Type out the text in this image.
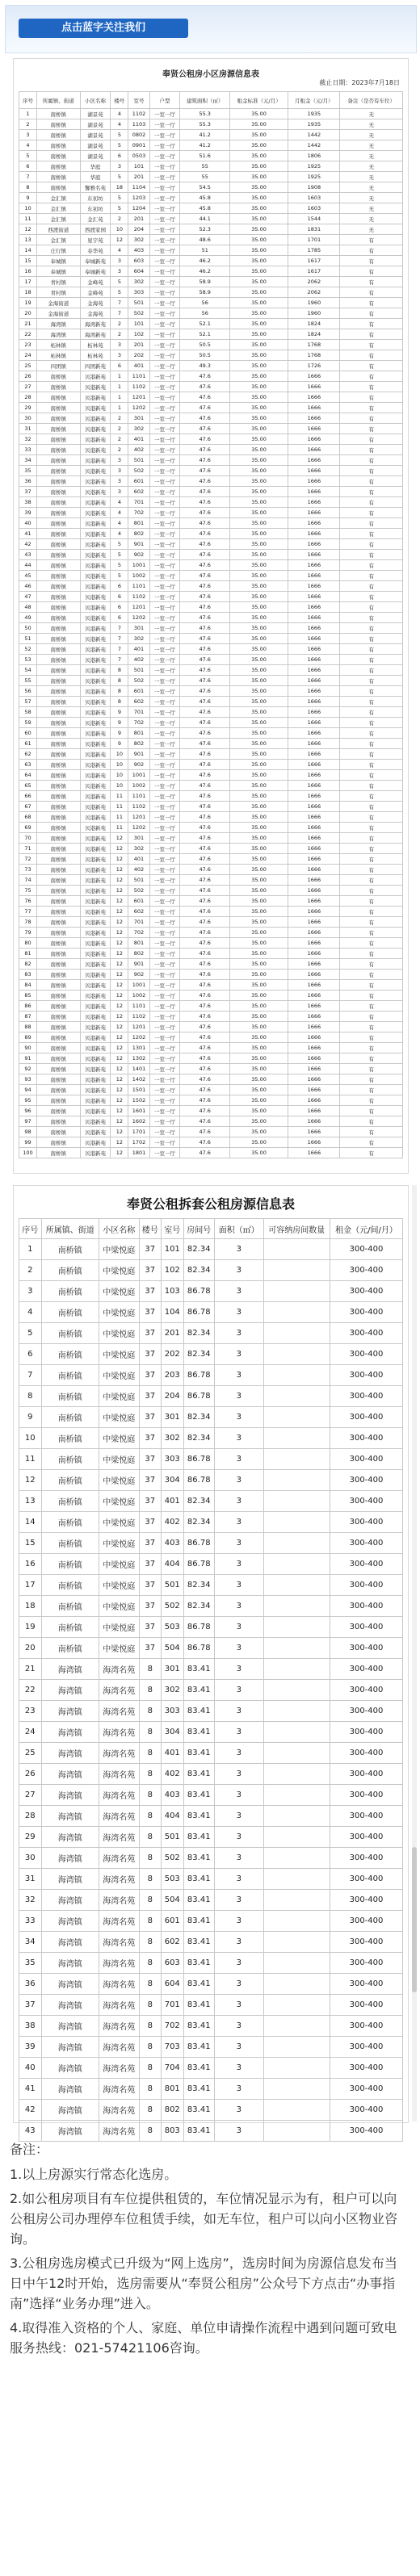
点击蓝字关注我们
奉贤公租房小区房源信息表
截止日期：2023年7月18日
序号	所属镇、街道	小区名称	楼号	室号	户型	建筑面积（㎡）	租金标准（元/月）	月租金（元/月）	备注（是否有车位）
1	南桥镇	湖景苑	4	1102	一室一厅	55.3	35.00	1935	无
2	南桥镇	湖景苑	4	1103	一室一厅	55.3	35.00	1935	无
3	南桥镇	湖景苑	5	0802	一室一厅	41.2	35.00	1442	无
4	南桥镇	湖景苑	5	0901	一室一厅	41.2	35.00	1442	无
5	南桥镇	湖景苑	6	0503	一室一厅	51.6	35.00	1806	无
6	南桥镇	华庭	3	101	一室一厅	55	35.00	1925	无
7	南桥镇	华庭	5	201	一室一厅	55	35.00	1925	无
8	南桥镇	馨雅名苑	18	1104	一室一厅	54.5	35.00	1908	无
9	金汇镇	东初坊	5	1203	一室一厅	45.8	35.00	1603	无
10	金汇镇	东初坊	5	1204	一室一厅	45.8	35.00	1603	无
11	金汇镇	金汇苑	2	201	一室一厅	44.1	35.00	1544	无
12	西渡街道	西渡家园	10	204	一室一厅	52.3	35.00	1831	无
13	金汇镇	星宇苑	12	302	一室一厅	48.6	35.00	1701	有
14	庄行镇	春华苑	4	403	一室一厅	51	35.00	1785	有
15	奉城镇	奉城新苑	3	603	一室一厅	46.2	35.00	1617	有
16	奉城镇	奉城新苑	3	604	一室一厅	46.2	35.00	1617	有
17	青村镇	金峰苑	5	302	一室一厅	58.9	35.00	2062	有
18	青村镇	金峰苑	5	303	一室一厅	58.9	35.00	2062	有
19	金海街道	金海苑	7	501	一室一厅	56	35.00	1960	有
20	金海街道	金海苑	7	502	一室一厅	56	35.00	1960	有
21	海湾镇	海湾新苑	2	101	一室一厅	52.1	35.00	1824	有
22	海湾镇	海湾新苑	2	102	一室一厅	52.1	35.00	1824	有
23	柘林镇	柘林苑	3	201	一室一厅	50.5	35.00	1768	有
24	柘林镇	柘林苑	3	202	一室一厅	50.5	35.00	1768	有
25	四团镇	四团新苑	6	401	一室一厅	49.3	35.00	1726	有
26	南桥镇	贝港新苑	1	1101	一室一厅	47.6	35.00	1666	有
27	南桥镇	贝港新苑	1	1102	一室一厅	47.6	35.00	1666	有
28	南桥镇	贝港新苑	1	1201	一室一厅	47.6	35.00	1666	有
29	南桥镇	贝港新苑	1	1202	一室一厅	47.6	35.00	1666	有
30	南桥镇	贝港新苑	2	301	一室一厅	47.6	35.00	1666	有
31	南桥镇	贝港新苑	2	302	一室一厅	47.6	35.00	1666	有
32	南桥镇	贝港新苑	2	401	一室一厅	47.6	35.00	1666	有
33	南桥镇	贝港新苑	2	402	一室一厅	47.6	35.00	1666	有
34	南桥镇	贝港新苑	3	501	一室一厅	47.6	35.00	1666	有
35	南桥镇	贝港新苑	3	502	一室一厅	47.6	35.00	1666	有
36	南桥镇	贝港新苑	3	601	一室一厅	47.6	35.00	1666	有
37	南桥镇	贝港新苑	3	602	一室一厅	47.6	35.00	1666	有
38	南桥镇	贝港新苑	4	701	一室一厅	47.6	35.00	1666	有
39	南桥镇	贝港新苑	4	702	一室一厅	47.6	35.00	1666	有
40	南桥镇	贝港新苑	4	801	一室一厅	47.6	35.00	1666	有
41	南桥镇	贝港新苑	4	802	一室一厅	47.6	35.00	1666	有
42	南桥镇	贝港新苑	5	901	一室一厅	47.6	35.00	1666	有
43	南桥镇	贝港新苑	5	902	一室一厅	47.6	35.00	1666	有
44	南桥镇	贝港新苑	5	1001	一室一厅	47.6	35.00	1666	有
45	南桥镇	贝港新苑	5	1002	一室一厅	47.6	35.00	1666	有
46	南桥镇	贝港新苑	6	1101	一室一厅	47.6	35.00	1666	有
47	南桥镇	贝港新苑	6	1102	一室一厅	47.6	35.00	1666	有
48	南桥镇	贝港新苑	6	1201	一室一厅	47.6	35.00	1666	有
49	南桥镇	贝港新苑	6	1202	一室一厅	47.6	35.00	1666	有
50	南桥镇	贝港新苑	7	301	一室一厅	47.6	35.00	1666	有
51	南桥镇	贝港新苑	7	302	一室一厅	47.6	35.00	1666	有
52	南桥镇	贝港新苑	7	401	一室一厅	47.6	35.00	1666	有
53	南桥镇	贝港新苑	7	402	一室一厅	47.6	35.00	1666	有
54	南桥镇	贝港新苑	8	501	一室一厅	47.6	35.00	1666	有
55	南桥镇	贝港新苑	8	502	一室一厅	47.6	35.00	1666	有
56	南桥镇	贝港新苑	8	601	一室一厅	47.6	35.00	1666	有
57	南桥镇	贝港新苑	8	602	一室一厅	47.6	35.00	1666	有
58	南桥镇	贝港新苑	9	701	一室一厅	47.6	35.00	1666	有
59	南桥镇	贝港新苑	9	702	一室一厅	47.6	35.00	1666	有
60	南桥镇	贝港新苑	9	801	一室一厅	47.6	35.00	1666	有
61	南桥镇	贝港新苑	9	802	一室一厅	47.6	35.00	1666	有
62	南桥镇	贝港新苑	10	901	一室一厅	47.6	35.00	1666	有
63	南桥镇	贝港新苑	10	902	一室一厅	47.6	35.00	1666	有
64	南桥镇	贝港新苑	10	1001	一室一厅	47.6	35.00	1666	有
65	南桥镇	贝港新苑	10	1002	一室一厅	47.6	35.00	1666	有
66	南桥镇	贝港新苑	11	1101	一室一厅	47.6	35.00	1666	有
67	南桥镇	贝港新苑	11	1102	一室一厅	47.6	35.00	1666	有
68	南桥镇	贝港新苑	11	1201	一室一厅	47.6	35.00	1666	有
69	南桥镇	贝港新苑	11	1202	一室一厅	47.6	35.00	1666	有
70	南桥镇	贝港新苑	12	301	一室一厅	47.6	35.00	1666	有
71	南桥镇	贝港新苑	12	302	一室一厅	47.6	35.00	1666	有
72	南桥镇	贝港新苑	12	401	一室一厅	47.6	35.00	1666	有
73	南桥镇	贝港新苑	12	402	一室一厅	47.6	35.00	1666	有
74	南桥镇	贝港新苑	12	501	一室一厅	47.6	35.00	1666	有
75	南桥镇	贝港新苑	12	502	一室一厅	47.6	35.00	1666	有
76	南桥镇	贝港新苑	12	601	一室一厅	47.6	35.00	1666	有
77	南桥镇	贝港新苑	12	602	一室一厅	47.6	35.00	1666	有
78	南桥镇	贝港新苑	12	701	一室一厅	47.6	35.00	1666	有
79	南桥镇	贝港新苑	12	702	一室一厅	47.6	35.00	1666	有
80	南桥镇	贝港新苑	12	801	一室一厅	47.6	35.00	1666	有
81	南桥镇	贝港新苑	12	802	一室一厅	47.6	35.00	1666	有
82	南桥镇	贝港新苑	12	901	一室一厅	47.6	35.00	1666	有
83	南桥镇	贝港新苑	12	902	一室一厅	47.6	35.00	1666	有
84	南桥镇	贝港新苑	12	1001	一室一厅	47.6	35.00	1666	有
85	南桥镇	贝港新苑	12	1002	一室一厅	47.6	35.00	1666	有
86	南桥镇	贝港新苑	12	1101	一室一厅	47.6	35.00	1666	有
87	南桥镇	贝港新苑	12	1102	一室一厅	47.6	35.00	1666	有
88	南桥镇	贝港新苑	12	1201	一室一厅	47.6	35.00	1666	有
89	南桥镇	贝港新苑	12	1202	一室一厅	47.6	35.00	1666	有
90	南桥镇	贝港新苑	12	1301	一室一厅	47.6	35.00	1666	有
91	南桥镇	贝港新苑	12	1302	一室一厅	47.6	35.00	1666	有
92	南桥镇	贝港新苑	12	1401	一室一厅	47.6	35.00	1666	有
93	南桥镇	贝港新苑	12	1402	一室一厅	47.6	35.00	1666	有
94	南桥镇	贝港新苑	12	1501	一室一厅	47.6	35.00	1666	有
95	南桥镇	贝港新苑	12	1502	一室一厅	47.6	35.00	1666	有
96	南桥镇	贝港新苑	12	1601	一室一厅	47.6	35.00	1666	有
97	南桥镇	贝港新苑	12	1602	一室一厅	47.6	35.00	1666	有
98	南桥镇	贝港新苑	12	1701	一室一厅	47.6	35.00	1666	有
99	南桥镇	贝港新苑	12	1702	一室一厅	47.6	35.00	1666	有
100	南桥镇	贝港新苑	12	1801	一室一厅	47.6	35.00	1666	有
奉贤公租拆套公租房源信息表
序号	所属镇、街道	小区名称	楼号	室号	房间号	面积（㎡）	可容纳房间数量	租金（元/间/月）
1	南桥镇	中梁悦庭	37	101	82.34	3		300-400
2	南桥镇	中梁悦庭	37	102	82.34	3		300-400
3	南桥镇	中梁悦庭	37	103	86.78	3		300-400
4	南桥镇	中梁悦庭	37	104	86.78	3		300-400
5	南桥镇	中梁悦庭	37	201	82.34	3		300-400
6	南桥镇	中梁悦庭	37	202	82.34	3		300-400
7	南桥镇	中梁悦庭	37	203	86.78	3		300-400
8	南桥镇	中梁悦庭	37	204	86.78	3		300-400
9	南桥镇	中梁悦庭	37	301	82.34	3		300-400
10	南桥镇	中梁悦庭	37	302	82.34	3		300-400
11	南桥镇	中梁悦庭	37	303	86.78	3		300-400
12	南桥镇	中梁悦庭	37	304	86.78	3		300-400
13	南桥镇	中梁悦庭	37	401	82.34	3		300-400
14	南桥镇	中梁悦庭	37	402	82.34	3		300-400
15	南桥镇	中梁悦庭	37	403	86.78	3		300-400
16	南桥镇	中梁悦庭	37	404	86.78	3		300-400
17	南桥镇	中梁悦庭	37	501	82.34	3		300-400
18	南桥镇	中梁悦庭	37	502	82.34	3		300-400
19	南桥镇	中梁悦庭	37	503	86.78	3		300-400
20	南桥镇	中梁悦庭	37	504	86.78	3		300-400
21	海湾镇	海湾名苑	8	301	83.41	3		300-400
22	海湾镇	海湾名苑	8	302	83.41	3		300-400
23	海湾镇	海湾名苑	8	303	83.41	3		300-400
24	海湾镇	海湾名苑	8	304	83.41	3		300-400
25	海湾镇	海湾名苑	8	401	83.41	3		300-400
26	海湾镇	海湾名苑	8	402	83.41	3		300-400
27	海湾镇	海湾名苑	8	403	83.41	3		300-400
28	海湾镇	海湾名苑	8	404	83.41	3		300-400
29	海湾镇	海湾名苑	8	501	83.41	3		300-400
30	海湾镇	海湾名苑	8	502	83.41	3		300-400
31	海湾镇	海湾名苑	8	503	83.41	3		300-400
32	海湾镇	海湾名苑	8	504	83.41	3		300-400
33	海湾镇	海湾名苑	8	601	83.41	3		300-400
34	海湾镇	海湾名苑	8	602	83.41	3		300-400
35	海湾镇	海湾名苑	8	603	83.41	3		300-400
36	海湾镇	海湾名苑	8	604	83.41	3		300-400
37	海湾镇	海湾名苑	8	701	83.41	3		300-400
38	海湾镇	海湾名苑	8	702	83.41	3		300-400
39	海湾镇	海湾名苑	8	703	83.41	3		300-400
40	海湾镇	海湾名苑	8	704	83.41	3		300-400
41	海湾镇	海湾名苑	8	801	83.41	3		300-400
42	海湾镇	海湾名苑	8	802	83.41	3		300-400
43	海湾镇	海湾名苑	8	803	83.41	3		300-400

备注：

1.以上房源实行常态化选房。

2.如公租房项目有车位提供租赁的，车位情况显示为有，租户可以向公租房公司办理停车位租赁手续，如无车位，租户可以向小区物业咨询。

3.公租房选房模式已升级为“网上选房”，选房时间为房源信息发布当日中午12时开始，选房需要从“奉贤公租房”公众号下方点击“办事指南”选择“业务办理”进入。

4.取得准入资格的个人、家庭、单位申请操作流程中遇到问题可致电服务热线：021-57421106咨询。
